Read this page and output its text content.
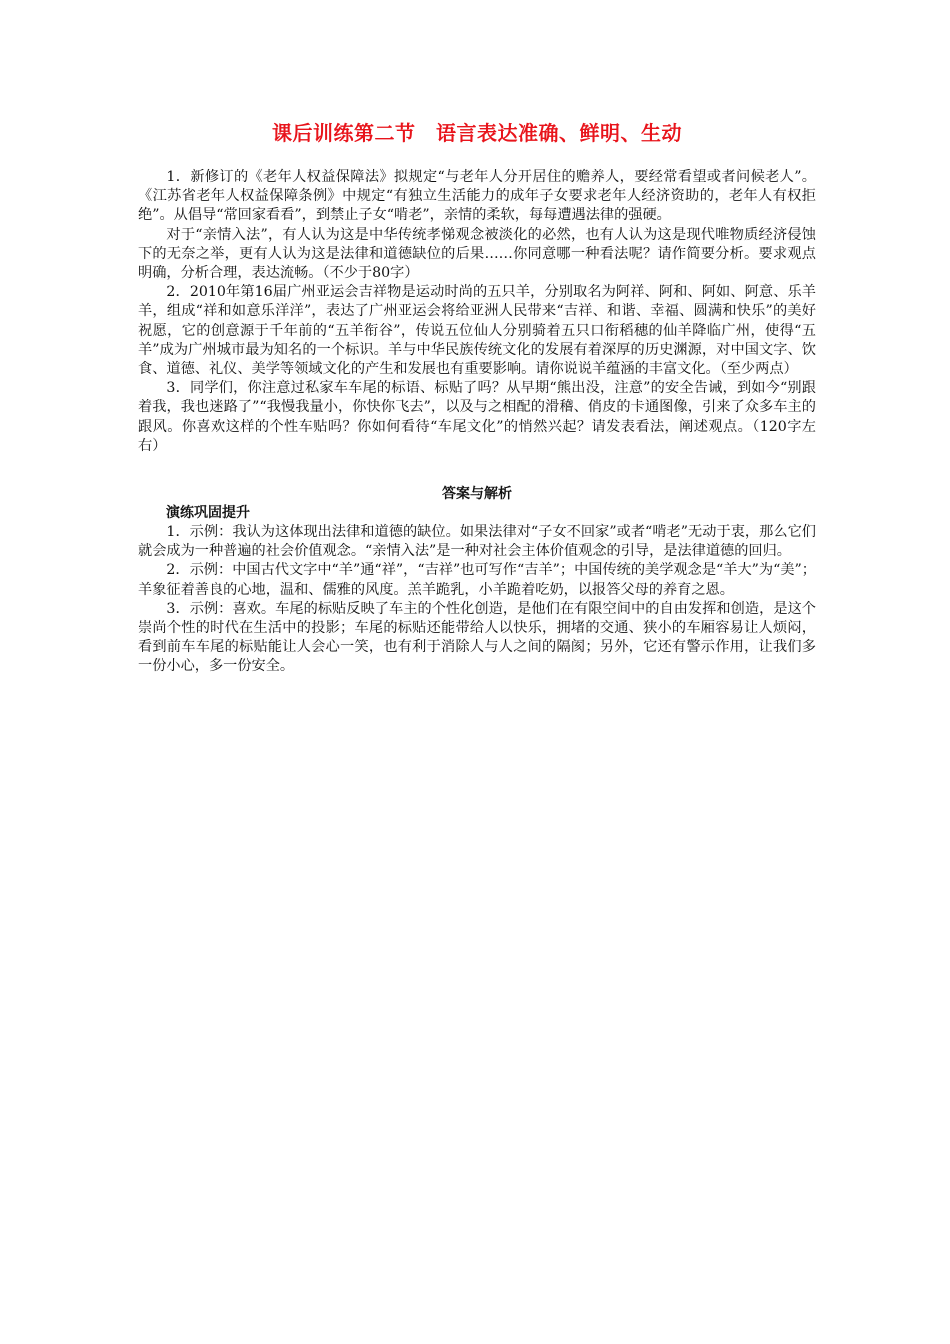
课后训练第二节　语言表达准确、鲜明、生动

1．新修订的《老年人权益保障法》拟规定“与老年人分开居住的赡养人，要经常看望或者问候老人”。《江苏省老年人权益保障条例》中规定“有独立生活能力的成年子女要求老年人经济资助的，老年人有权拒绝”。从倡导“常回家看看”，到禁止子女“啃老”，亲情的柔软，每每遭遇法律的强硬。

对于“亲情入法”，有人认为这是中华传统孝悌观念被淡化的必然，也有人认为这是现代唯物质经济侵蚀下的无奈之举，更有人认为这是法律和道德缺位的后果……你同意哪一种看法呢？请作简要分析。要求观点明确，分析合理，表达流畅。（不少于80字）

2．2010年第16届广州亚运会吉祥物是运动时尚的五只羊，分别取名为阿祥、阿和、阿如、阿意、乐羊羊，组成“祥和如意乐洋洋”，表达了广州亚运会将给亚洲人民带来“吉祥、和谐、幸福、圆满和快乐”的美好祝愿，它的创意源于千年前的“五羊衔谷”，传说五位仙人分别骑着五只口衔稻穗的仙羊降临广州，使得“五羊”成为广州城市最为知名的一个标识。羊与中华民族传统文化的发展有着深厚的历史渊源，对中国文字、饮食、道德、礼仪、美学等领域文化的产生和发展也有重要影响。请你说说羊蕴涵的丰富文化。（至少两点）

3．同学们，你注意过私家车车尾的标语、标贴了吗？从早期“熊出没，注意”的安全告诫，到如今“别跟着我，我也迷路了”“我慢我量小，你快你飞去”，以及与之相配的滑稽、俏皮的卡通图像，引来了众多车主的跟风。你喜欢这样的个性车贴吗？你如何看待“车尾文化”的悄然兴起？请发表看法，阐述观点。（120字左右）

答案与解析
演练巩固提升

1．示例：我认为这体现出法律和道德的缺位。如果法律对“子女不回家”或者“啃老”无动于衷，那么它们就会成为一种普遍的社会价值观念。“亲情入法”是一种对社会主体价值观念的引导，是法律道德的回归。

2．示例：中国古代文字中“羊”通“祥”，“吉祥”也可写作“吉羊”；中国传统的美学观念是“羊大”为“美”；羊象征着善良的心地，温和、儒雅的风度。羔羊跪乳，小羊跪着吃奶，以报答父母的养育之恩。

3．示例：喜欢。车尾的标贴反映了车主的个性化创造，是他们在有限空间中的自由发挥和创造，是这个崇尚个性的时代在生活中的投影；车尾的标贴还能带给人以快乐，拥堵的交通、狭小的车厢容易让人烦闷，看到前车车尾的标贴能让人会心一笑，也有利于消除人与人之间的隔阂；另外，它还有警示作用，让我们多一份小心，多一份安全。
